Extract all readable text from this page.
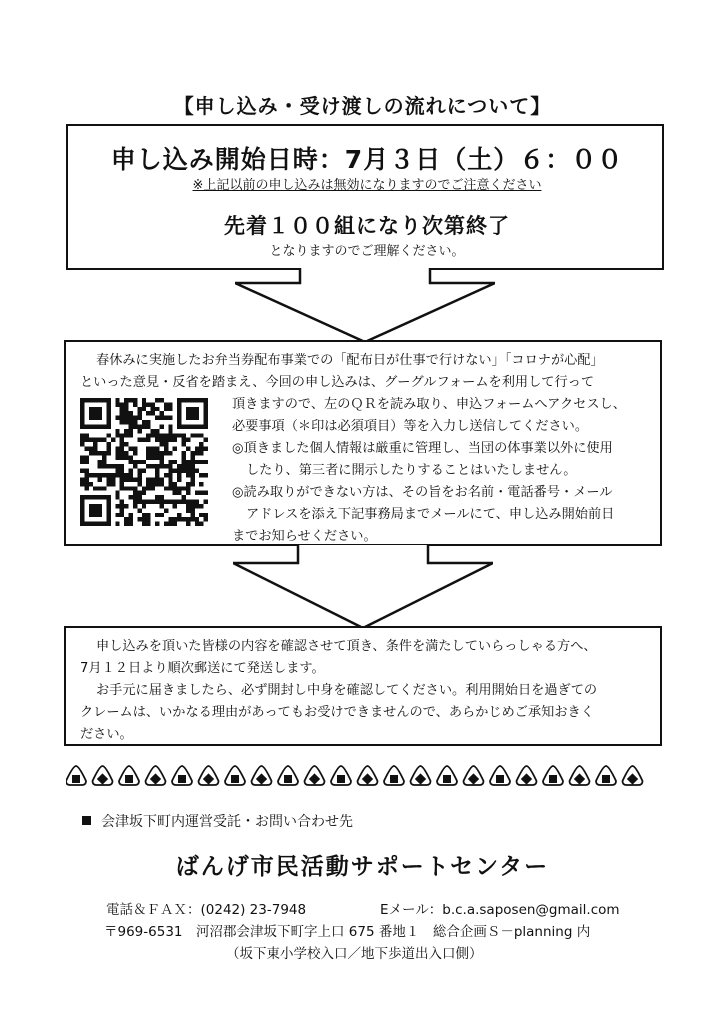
【申し込み・受け渡しの流れについて】
申し込み開始日時：7月３日（土）６：００
※上記以前の申し込みは無効になりますのでご注意ください
先着１００組になり次第終了
となりますのでご理解ください。
春休みに実施したお弁当券配布事業での「配布日が仕事で行けない」「コロナが心配」
といった意見・反省を踏まえ、今回の申し込みは、グーグルフォームを利用して行って
頂きますので、左のＱＲを読み取り、申込フォームへアクセスし、
必要事項（＊印は必須項目）等を入力し送信してください。
◎頂きました個人情報は厳重に管理し、当団の体事業以外に使用
したり、第三者に開示したりすることはいたしません。
◎読み取りができない方は、その旨をお名前・電話番号・メール
アドレスを添え下記事務局までメールにて、申し込み開始前日
までお知らせください。
申し込みを頂いた皆様の内容を確認させて頂き、条件を満たしていらっしゃる方へ、
7月１２日より順次郵送にて発送します。
お手元に届きましたら、必ず開封し中身を確認してください。利用開始日を過ぎての
クレームは、いかなる理由があってもお受けできませんので、あらかじめご承知おきく
ださい。
会津坂下町内運営受託・お問い合わせ先
ばんげ市民活動サポートセンター
電話＆ＦＡＸ：(0242) 23-7948	Eメール：b.c.a.saposen@gmail.com
〒969-6531　河沼郡会津坂下町字上口 675 番地１　総合企画Ｓ－planning 内
（坂下東小学校入口／地下歩道出入口側）
